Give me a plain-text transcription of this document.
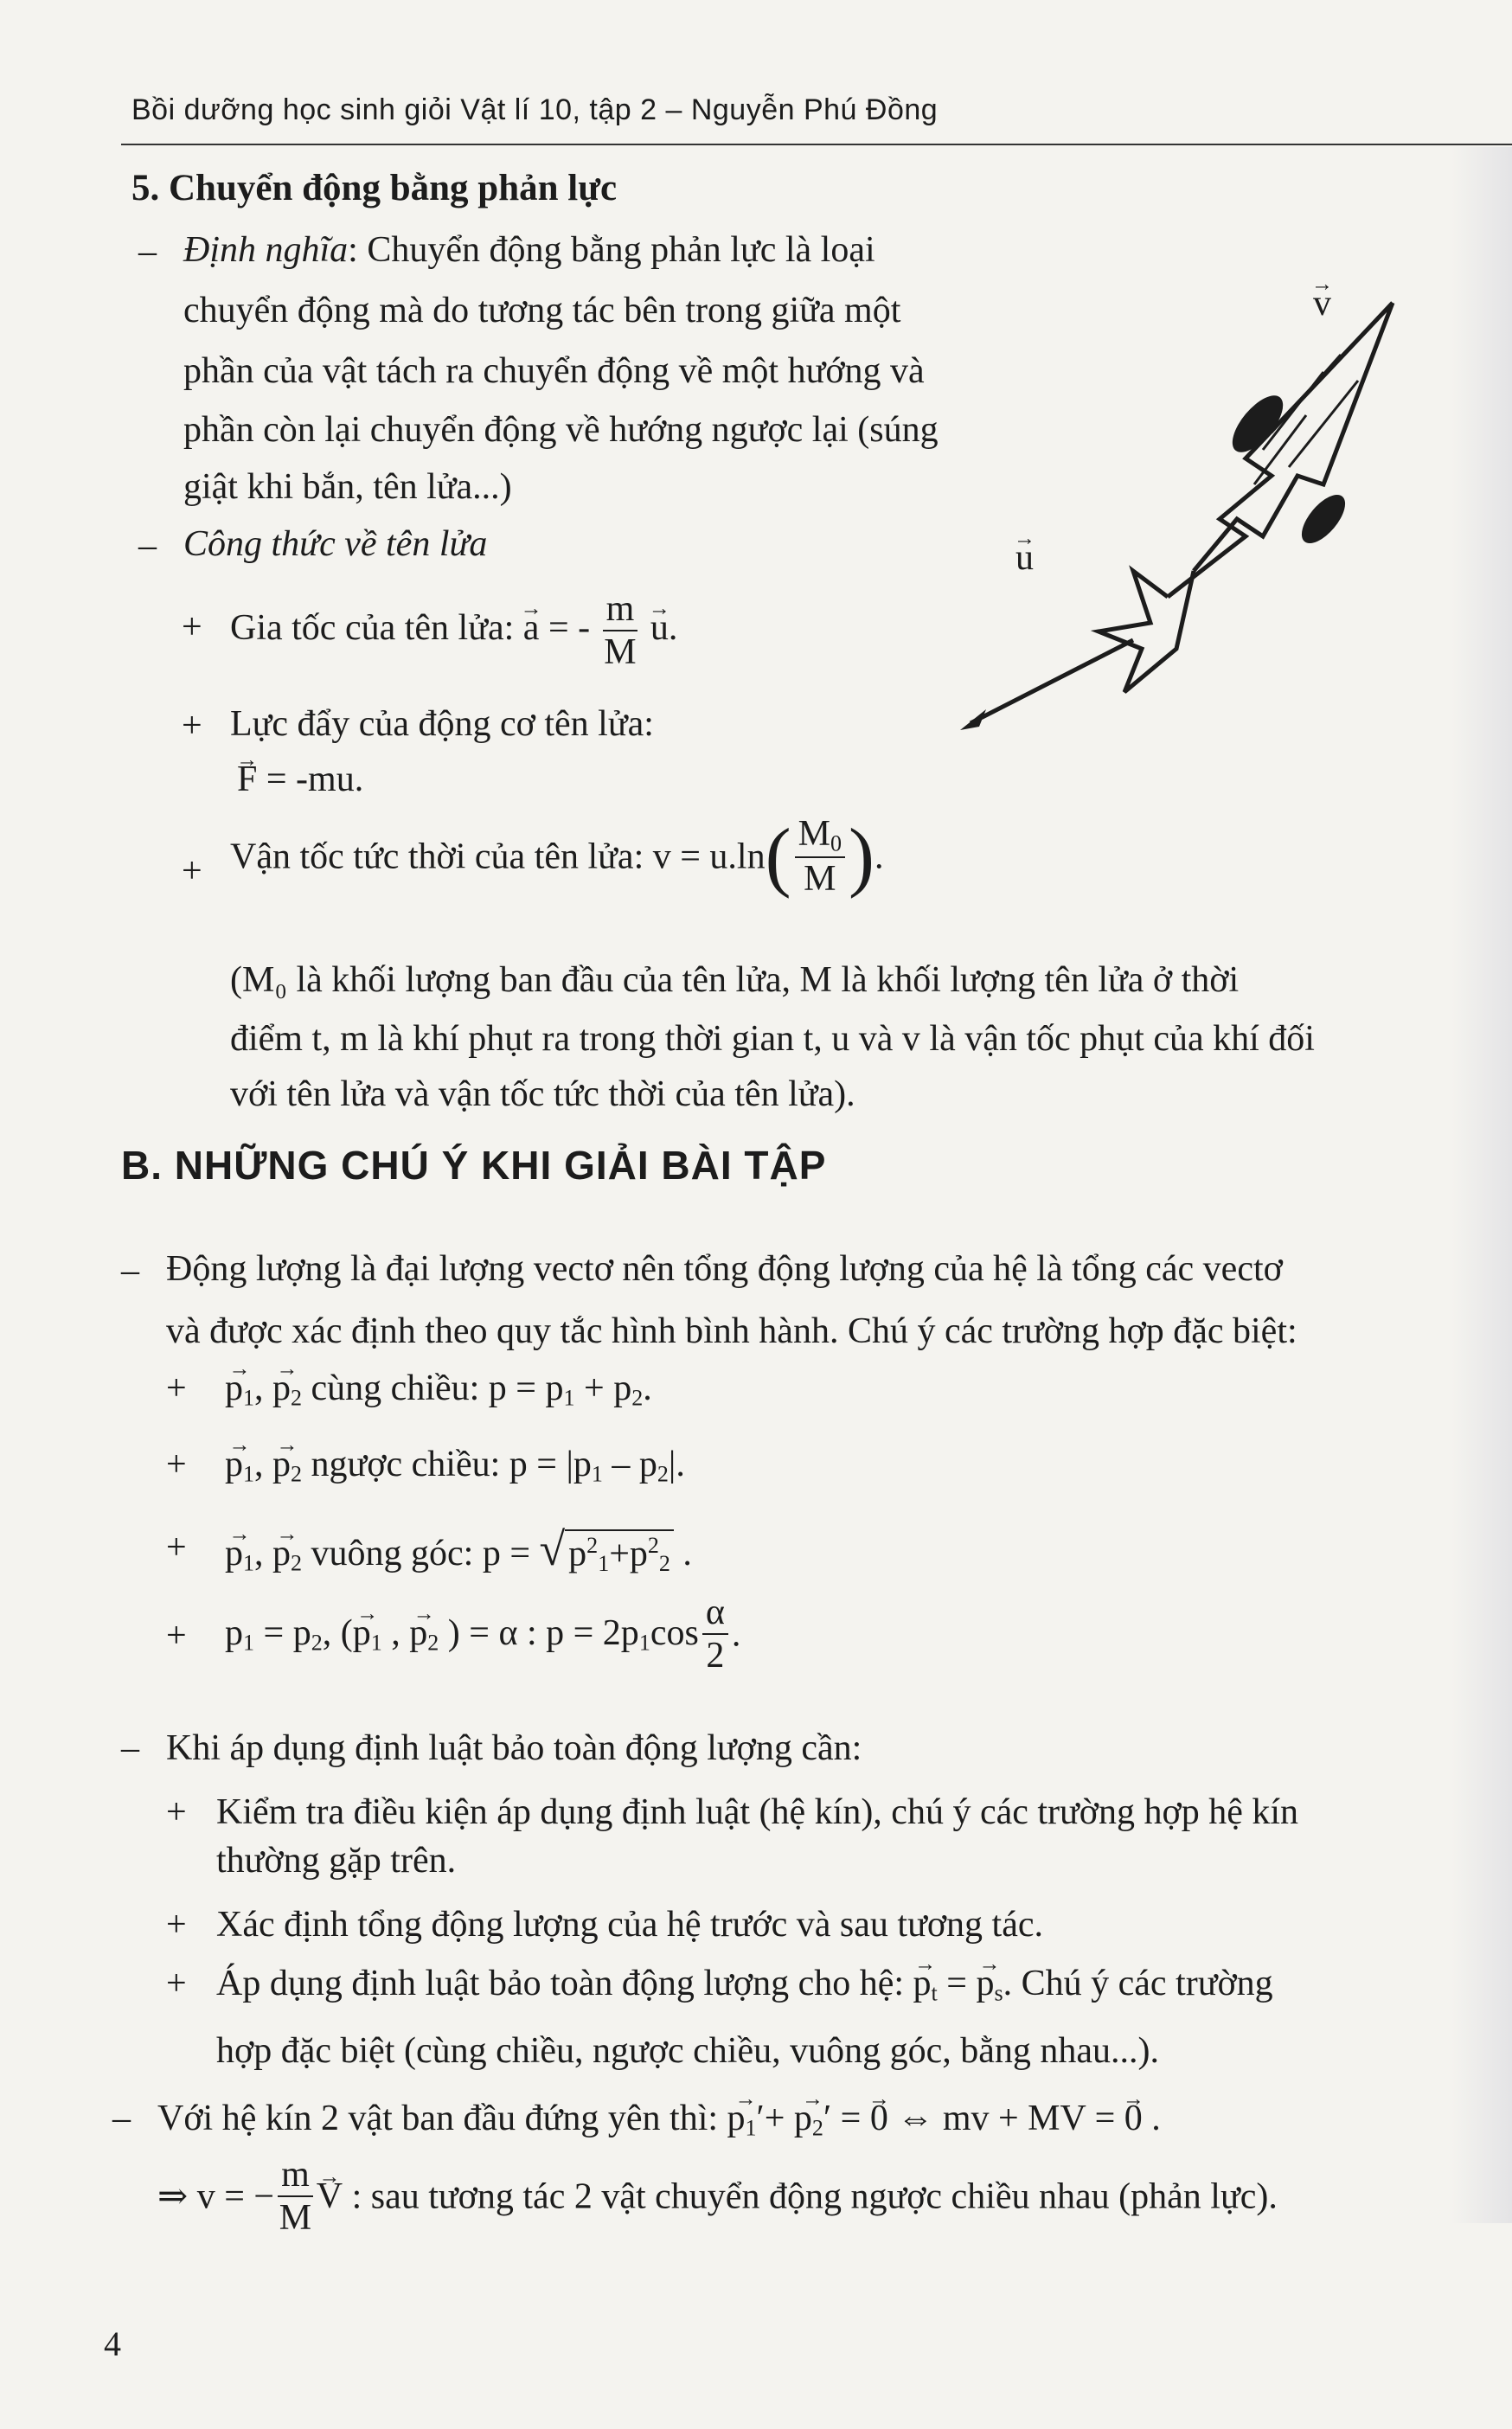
Bồi dưỡng học sinh giỏi Vật lí 10, tập 2 – Nguyễn Phú Đồng
5. Chuyển động bằng phản lực
– Định nghĩa: Chuyển động bằng phản lực là loại
chuyển động mà do tương tác bên trong giữa một
phần của vật tách ra chuyển động về một hướng và
phần còn lại chuyển động về hướng ngược lại (súng
giật khi bắn, tên lửa...)
– Công thức về tên lửa
+ Gia tốc của tên lửa: → a = - $\frac{m}{M}$
→ u.
+ Lực đẩy của động cơ tên lửa:
→ F = -mu.
+ Vận tốc tức thời của tên lửa: $v = u.\ln( \frac{M_0}{M}$ ).
(M₀ là khối lượng ban đầu của tên lửa, M là khối lượng tên lửa ở thời
điểm t, m là khí phụt ra trong thời gian t, u và v là vận tốc phụt của khí đối
với tên lửa và vận tốc tức thời của tên lửa).
→ v
→ u
B. NHỮNG CHÚ Ý KHI GIẢI BÀI TẬP
– Động lượng là đại lượng vectơ nên tổng động lượng của hệ là tổng các vectơ
và được xác định theo quy tắc hình bình hành. Chú ý các trường hợp đặc biệt:
+
→ $p_1$, → $p_2$ cùng chiều: $p = p_1 + p_2$.
+
→ $p_1$, → $p_2$ ngược chiều: $p = |p_1 - p_2|$.
+
→ $p_1$, → $p_2$ vuông góc: $p = √p^2_1+p^2_2$ .
+ $p_1 = p_2$, (→ $p_1$ , → $p_2$ ) = α : $p = 2p_1\cos \frac{\alpha}{2}$ .
– Khi áp dụng định luật bảo toàn động lượng cần:
+ Kiểm tra điều kiện áp dụng định luật (hệ kín), chú ý các trường hợp hệ kín
thường gặp trên.
+ Xác định tổng động lượng của hệ trước và sau tương tác.
+ Áp dụng định luật bảo toàn động lượng cho hệ: → $p_t$ = → $p_s$. Chú ý các trường
hợp đặc biệt (cùng chiều, ngược chiều, vuông góc, bằng nhau...).
– Với hệ kín 2 vật ban đầu đứng yên thì: → $p_1'+ \to p_2'$ = → 0 ⇔ mv + MV = → 0 .
⇒ v = − $\frac{m}{M}$
→ V : sau tương tác 2 vật chuyển động ngược chiều nhau (phản lực).
4
